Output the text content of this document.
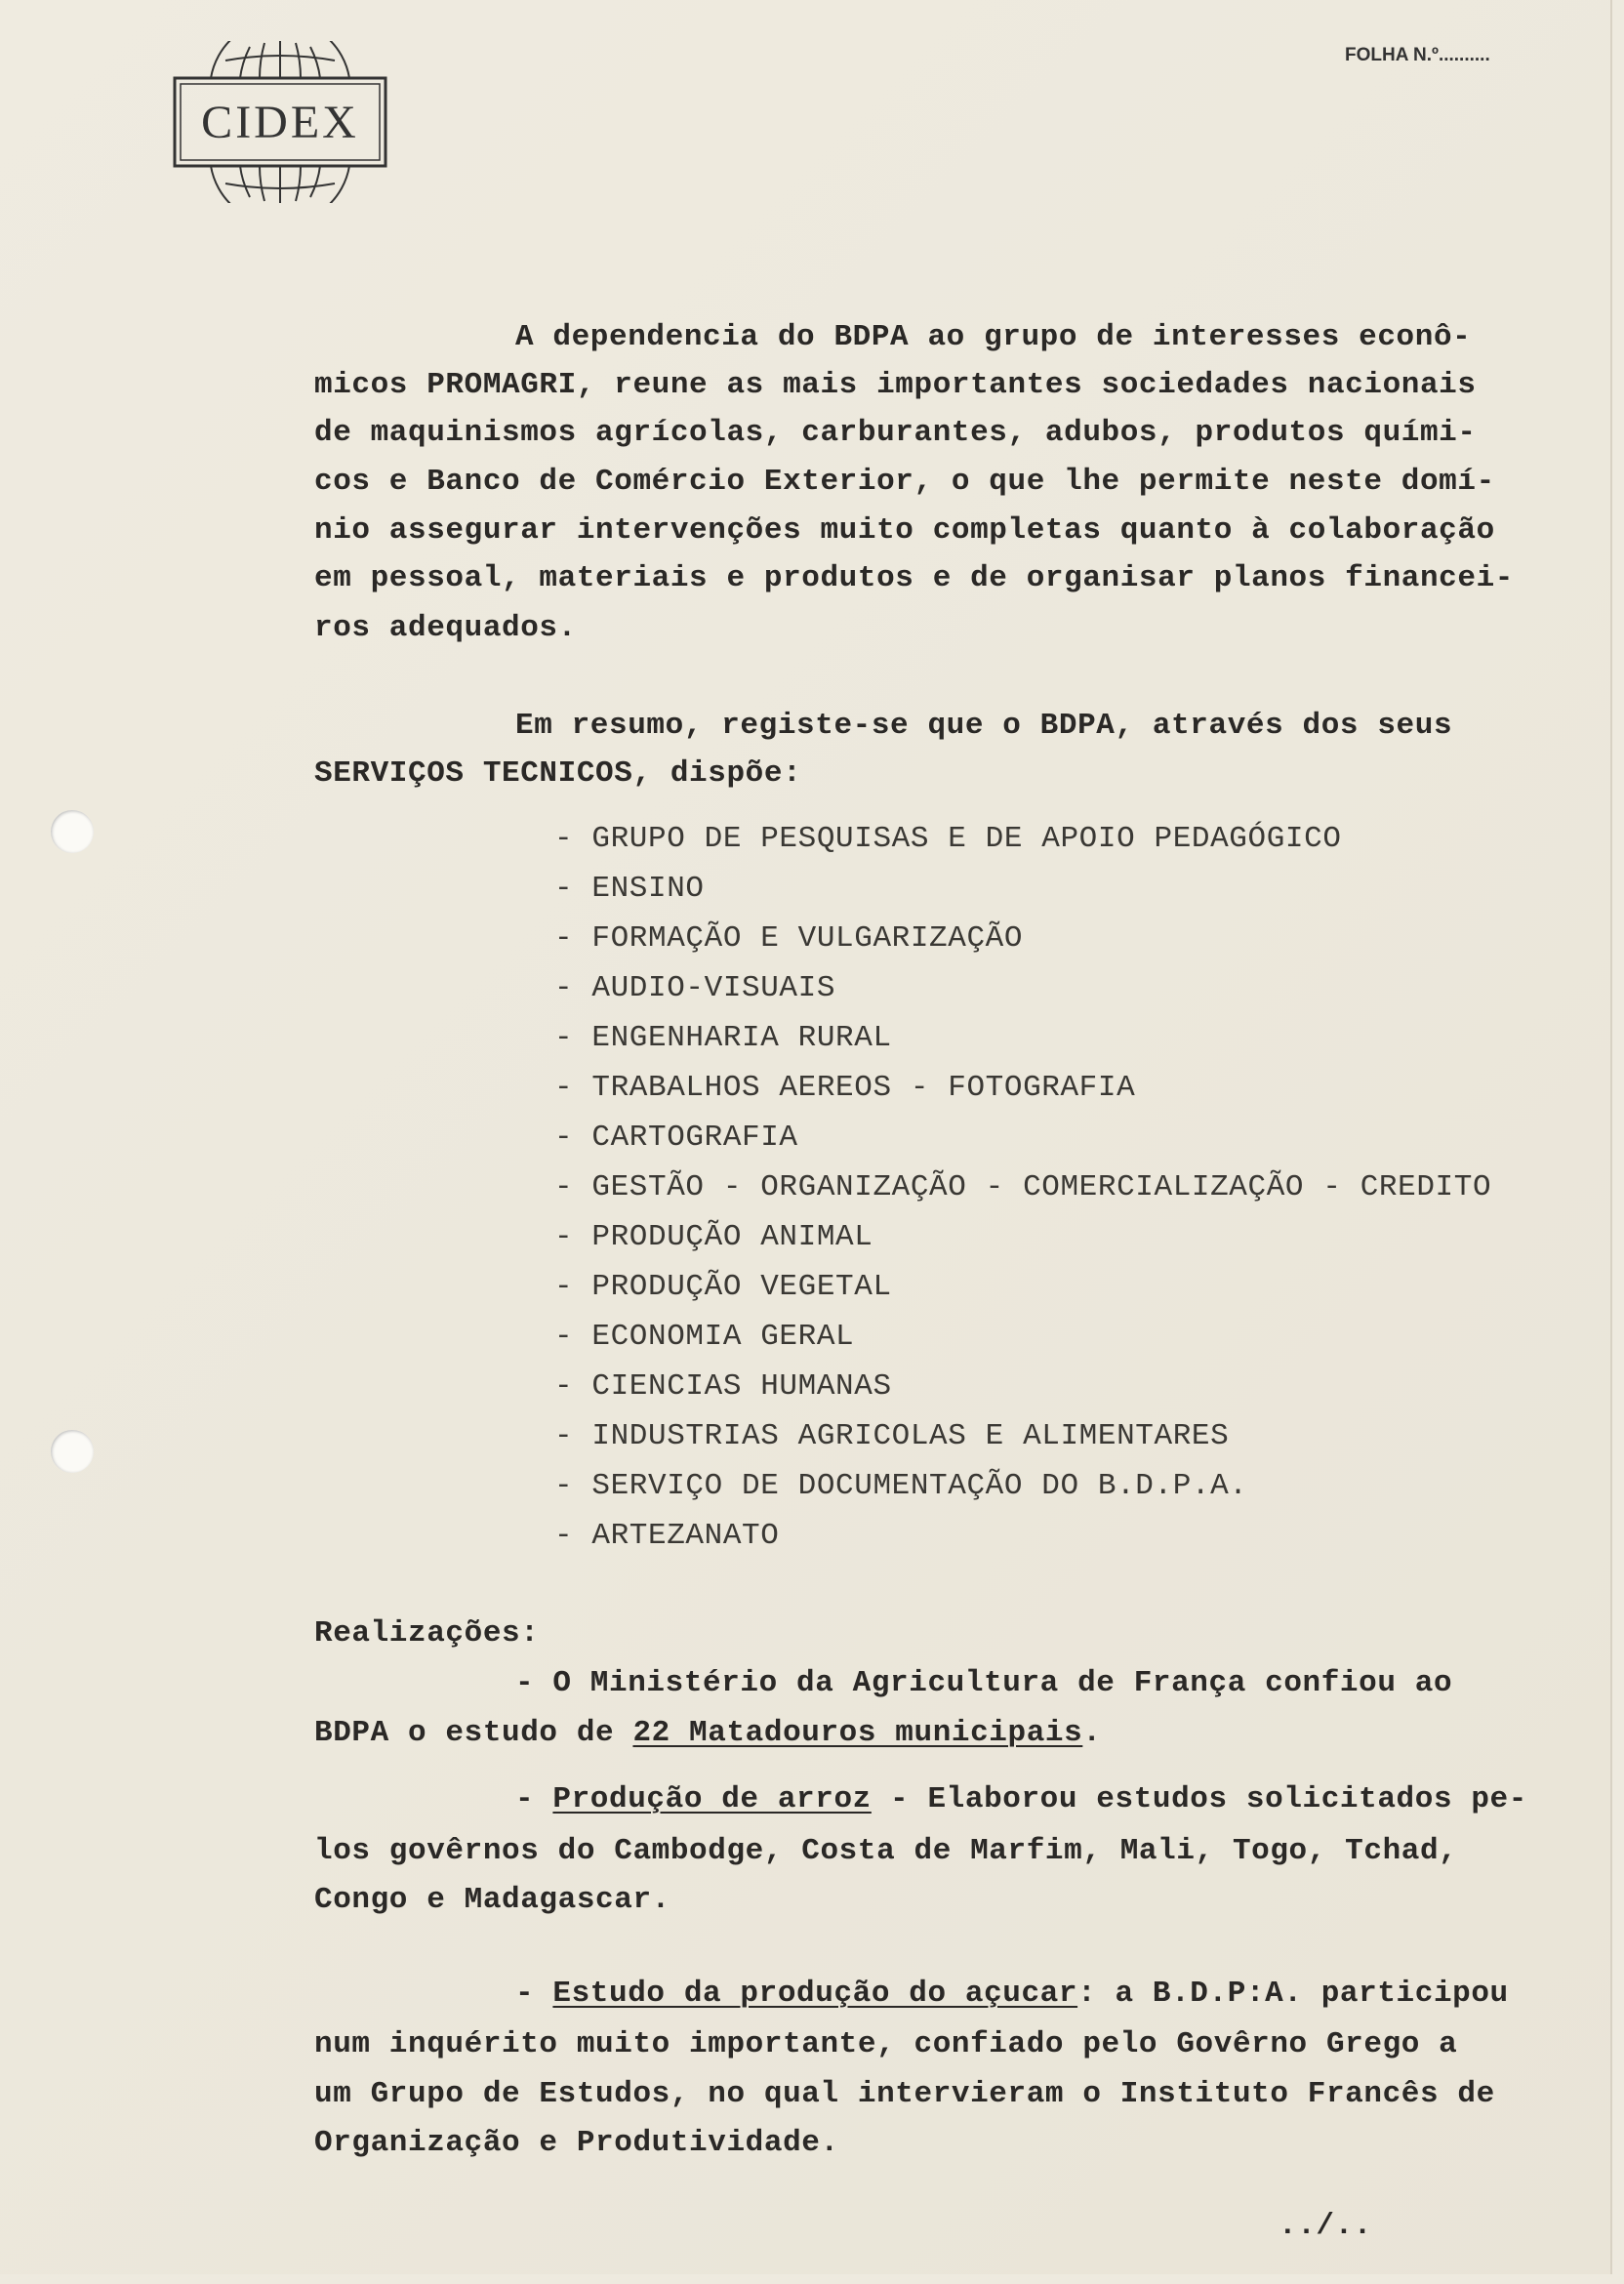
CIDEX
FOLHA N.º..........
A dependencia do BDPA ao grupo de interesses econô-
micos PROMAGRI, reune as mais importantes sociedades nacionais
de maquinismos agrícolas, carburantes, adubos, produtos quími-
cos e Banco de Comércio Exterior, o que lhe permite neste domí-
nio assegurar intervenções muito completas quanto à colaboração
em pessoal, materiais e produtos e de organisar planos financei-
ros adequados.
Em resumo, registe-se que o BDPA, através dos seus
SERVIÇOS TECNICOS, dispõe:
- GRUPO DE PESQUISAS E DE APOIO PEDAGÓGICO
- ENSINO
- FORMAÇÃO E VULGARIZAÇÃO
- AUDIO-VISUAIS
- ENGENHARIA RURAL
- TRABALHOS AEREOS - FOTOGRAFIA
- CARTOGRAFIA
- GESTÃO - ORGANIZAÇÃO - COMERCIALIZAÇÃO - CREDITO
- PRODUÇÃO ANIMAL
- PRODUÇÃO VEGETAL
- ECONOMIA GERAL
- CIENCIAS HUMANAS
- INDUSTRIAS AGRICOLAS E ALIMENTARES
- SERVIÇO DE DOCUMENTAÇÃO DO B.D.P.A.
- ARTEZANATO
Realizações:
- O Ministério da Agricultura de França confiou ao
BDPA o estudo de 22 Matadouros municipais.
- Produção de arroz - Elaborou estudos solicitados pe-
los govêrnos do Cambodge, Costa de Marfim, Mali, Togo, Tchad,
Congo e Madagascar.
- Estudo da produção do açucar: a B.D.P:A. participou
num inquérito muito importante, confiado pelo Govêrno Grego a
um Grupo de Estudos, no qual intervieram o Instituto Francês de
Organização e Produtividade.
../..
